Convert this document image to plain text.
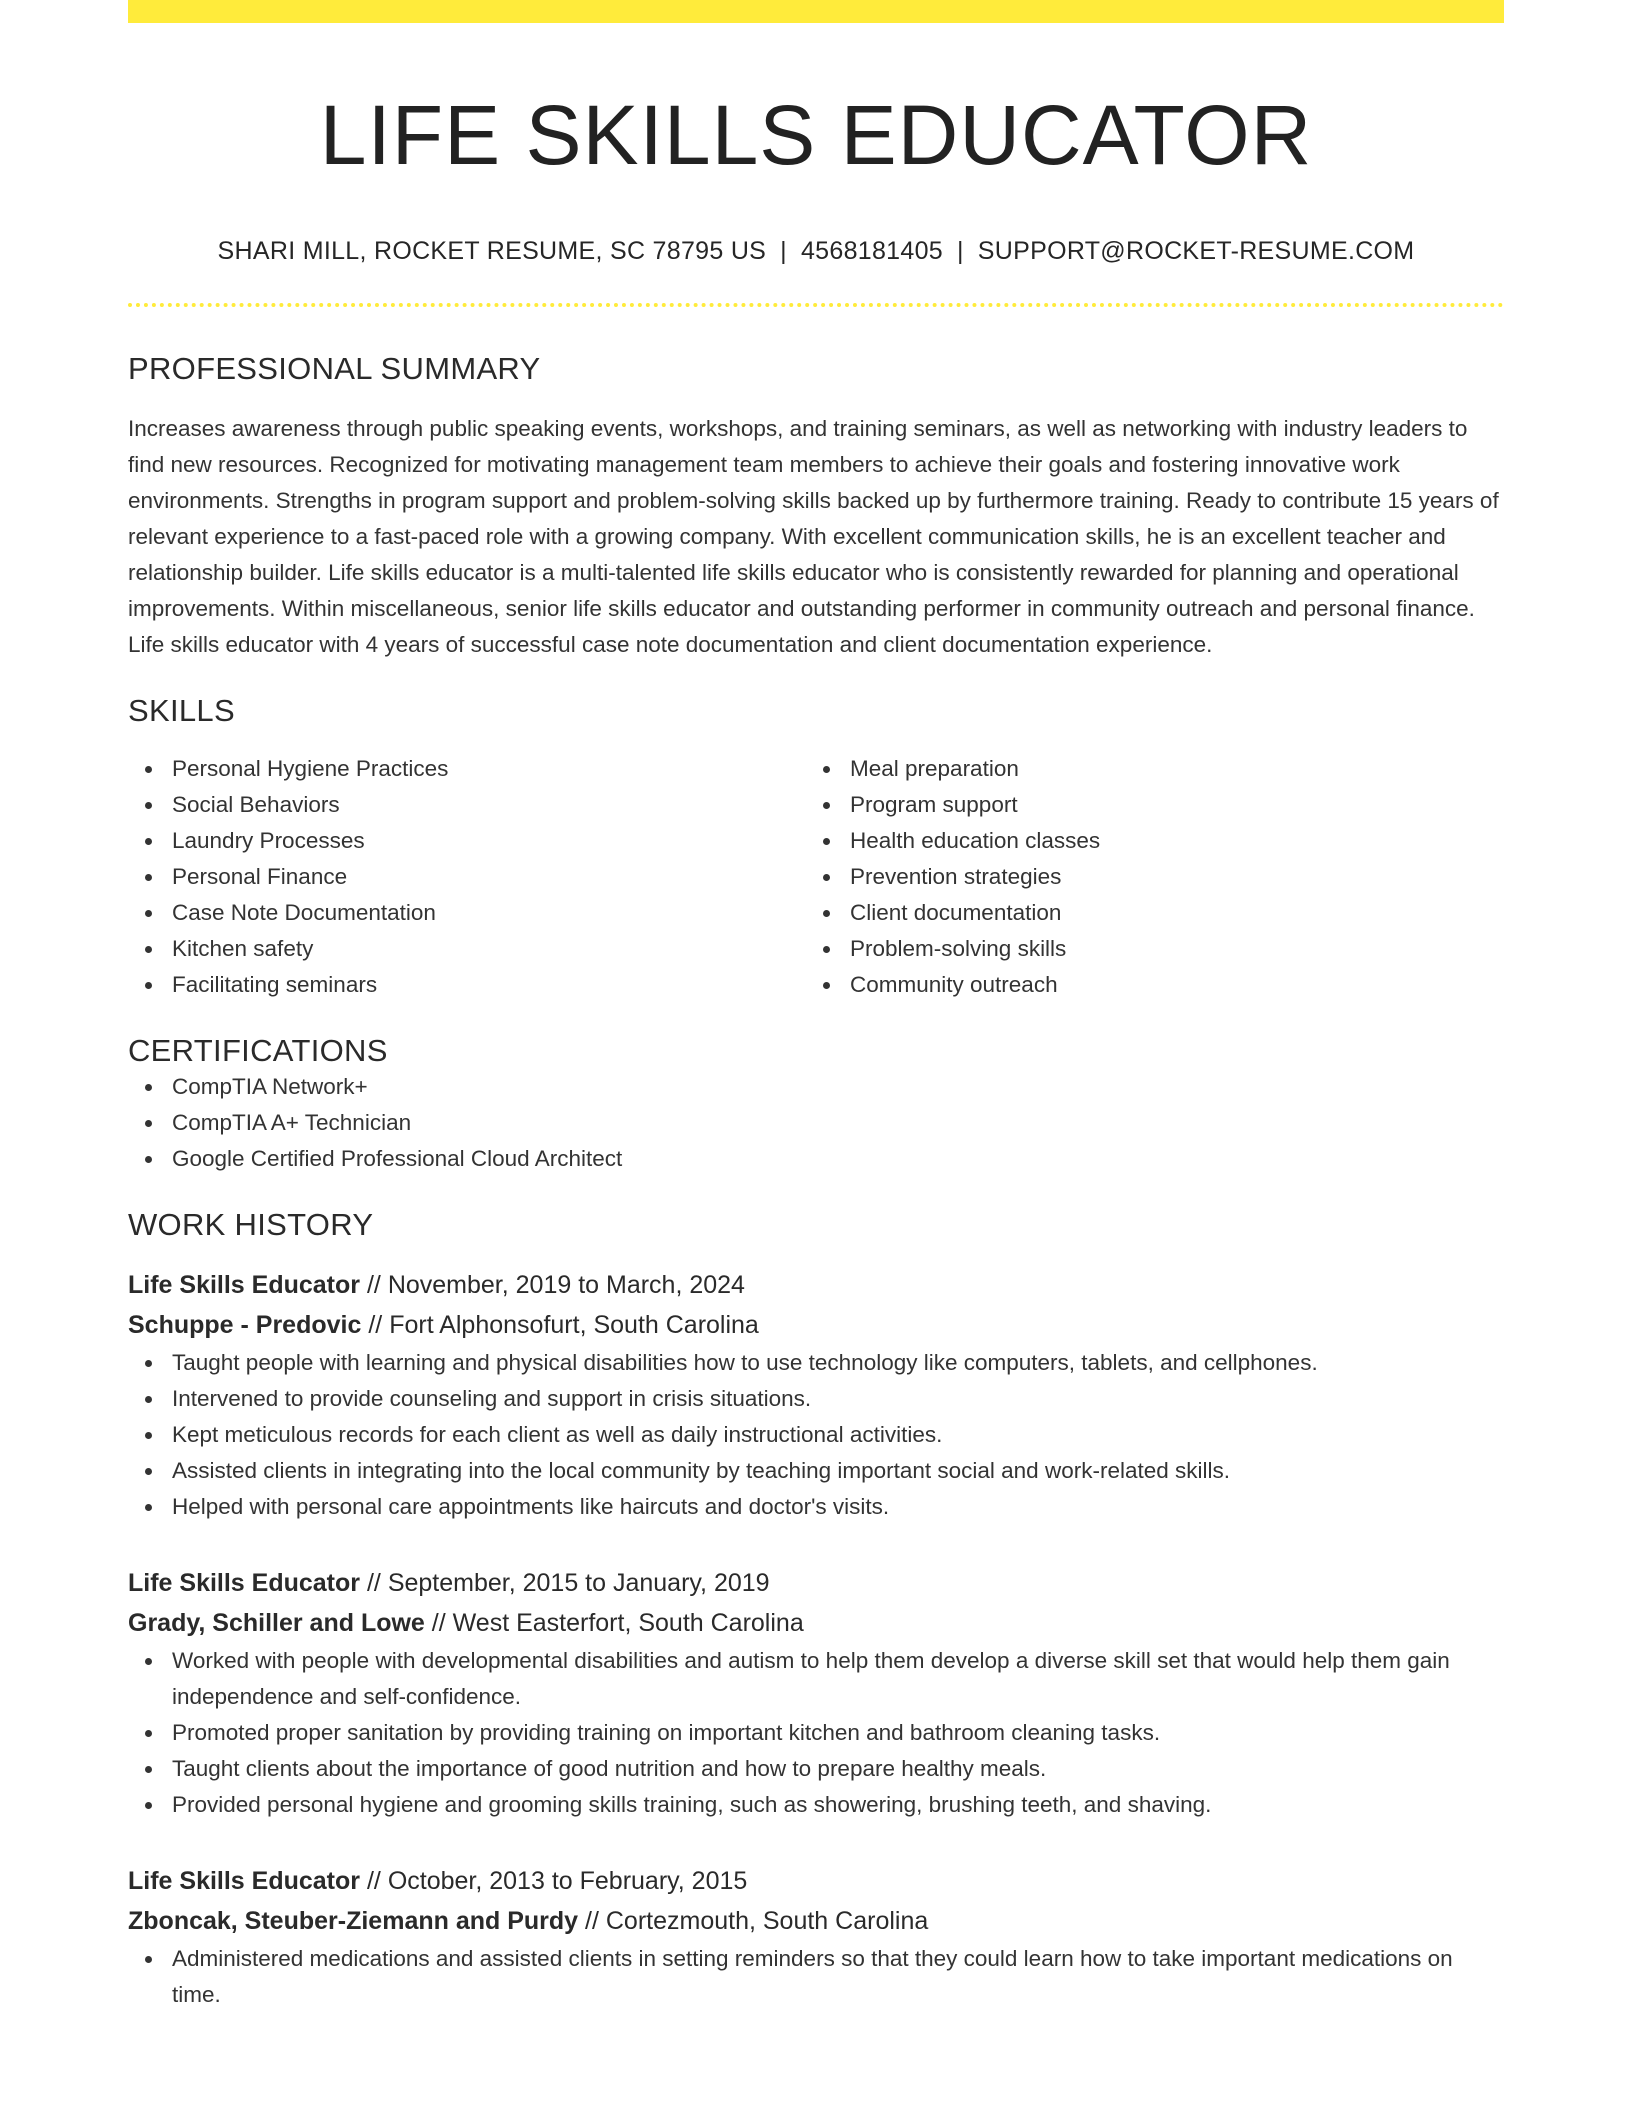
LIFE SKILLS EDUCATOR
SHARI MILL, ROCKET RESUME, SC 78795 US | 4568181405 | SUPPORT@ROCKET-RESUME.COM
PROFESSIONAL SUMMARY

Increases awareness through public speaking events, workshops, and training seminars, as well as networking with industry leaders to find new resources. Recognized for motivating management team members to achieve their goals and fostering innovative work environments. Strengths in program support and problem-solving skills backed up by furthermore training. Ready to contribute 15 years of relevant experience to a fast-paced role with a growing company. With excellent communication skills, he is an excellent teacher and relationship builder. Life skills educator is a multi-talented life skills educator who is consistently rewarded for planning and operational improvements. Within miscellaneous, senior life skills educator and outstanding performer in community outreach and personal finance. Life skills educator with 4 years of successful case note documentation and client documentation experience.

SKILLS
Personal Hygiene Practices
Social Behaviors
Laundry Processes
Personal Finance
Case Note Documentation
Kitchen safety
Facilitating seminars
Meal preparation
Program support
Health education classes
Prevention strategies
Client documentation
Problem-solving skills
Community outreach
CERTIFICATIONS
CompTIA Network+
CompTIA A+ Technician
Google Certified Professional Cloud Architect
WORK HISTORY
Life Skills Educator // November, 2019 to March, 2024
Schuppe - Predovic // Fort Alphonsofurt, South Carolina
Taught people with learning and physical disabilities how to use technology like computers, tablets, and cellphones.
Intervened to provide counseling and support in crisis situations.
Kept meticulous records for each client as well as daily instructional activities.
Assisted clients in integrating into the local community by teaching important social and work-related skills.
Helped with personal care appointments like haircuts and doctor's visits.
Life Skills Educator // September, 2015 to January, 2019
Grady, Schiller and Lowe // West Easterfort, South Carolina
Worked with people with developmental disabilities and autism to help them develop a diverse skill set that would help them gain independence and self-confidence.
Promoted proper sanitation by providing training on important kitchen and bathroom cleaning tasks.
Taught clients about the importance of good nutrition and how to prepare healthy meals.
Provided personal hygiene and grooming skills training, such as showering, brushing teeth, and shaving.
Life Skills Educator // October, 2013 to February, 2015
Zboncak, Steuber-Ziemann and Purdy // Cortezmouth, South Carolina
Administered medications and assisted clients in setting reminders so that they could learn how to take important medications on time.
